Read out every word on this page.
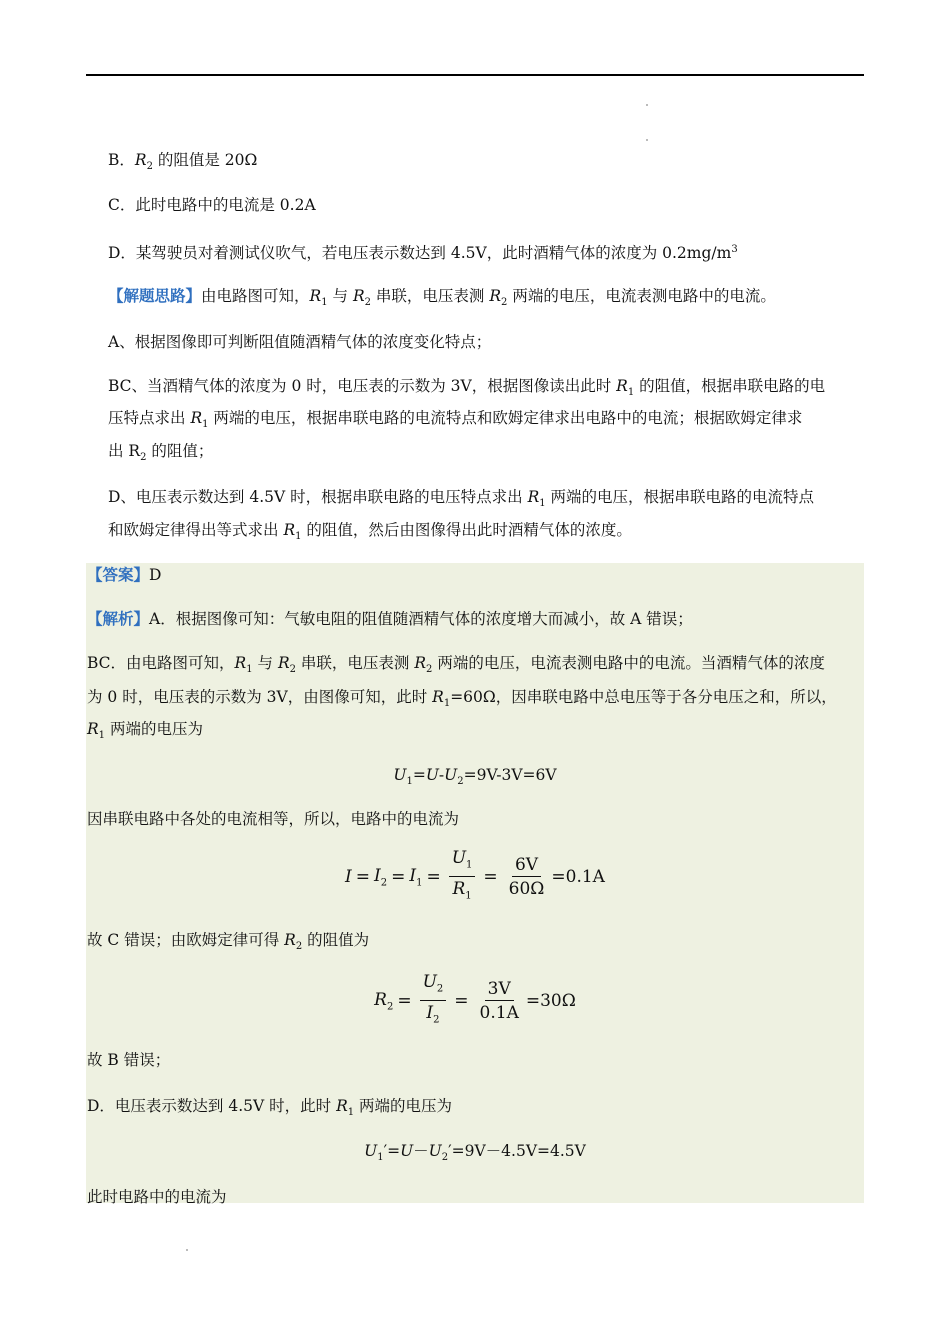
B．$R_2$ 的阻值是 20Ω
C．此时电路中的电流是 0.2A
D．某驾驶员对着测试仪吹气，若电压表示数达到 4.5V，此时酒精气体的浓度为 $0.2mg/m^3$
【解题思路】由电路图可知，$R_1$ 与 $R_2$ 串联，电压表测 $R_2$ 两端的电压，电流表测电路中的电流。
A、根据图像即可判断阻值随酒精气体的浓度变化特点；
BC、当酒精气体的浓度为 0 时，电压表的示数为 3V，根据图像读出此时 $R_1$ 的阻值，根据串联电路的电
压特点求出 $R_1$ 两端的电压，根据串联电路的电流特点和欧姆定律求出电路中的电流；根据欧姆定律求
出 $R_2$ 的阻值；
D、电压表示数达到 4.5V 时，根据串联电路的电压特点求出 $R_1$ 两端的电压，根据串联电路的电流特点
和欧姆定律得出等式求出 $R_1$ 的阻值，然后由图像得出此时酒精气体的浓度。
【答案】D
【解析】A．根据图像可知：气敏电阻的阻值随酒精气体的浓度增大而减小，故 A 错误；
BC．由电路图可知，$R_1$ 与 $R_2$ 串联，电压表测 $R_2$ 两端的电压，电流表测电路中的电流。当酒精气体的浓度
为 0 时，电压表的示数为 3V，由图像可知，此时 $R_1=60\Omega$，因串联电路中总电压等于各分电压之和，所以，
$R_1$ 两端的电压为
$U_1=U-U_2=9V-3V=6V$
因串联电路中各处的电流相等，所以，电路中的电流为
$I = I_2 = I_1 = \frac{U_1}{R_1} = \frac{6V}{60\Omega} =0.1A$
故 C 错误；由欧姆定律可得 $R_2$ 的阻值为
$R_2 = \frac{U_2}{I_2} = \frac{3V}{0.1A} =30\Omega$
故 B 错误；
D．电压表示数达到 4.5V 时，此时 $R_1$ 两端的电压为
$U_1'=U-U_2'=9V-4.5V=4.5V$
此时电路中的电流为
